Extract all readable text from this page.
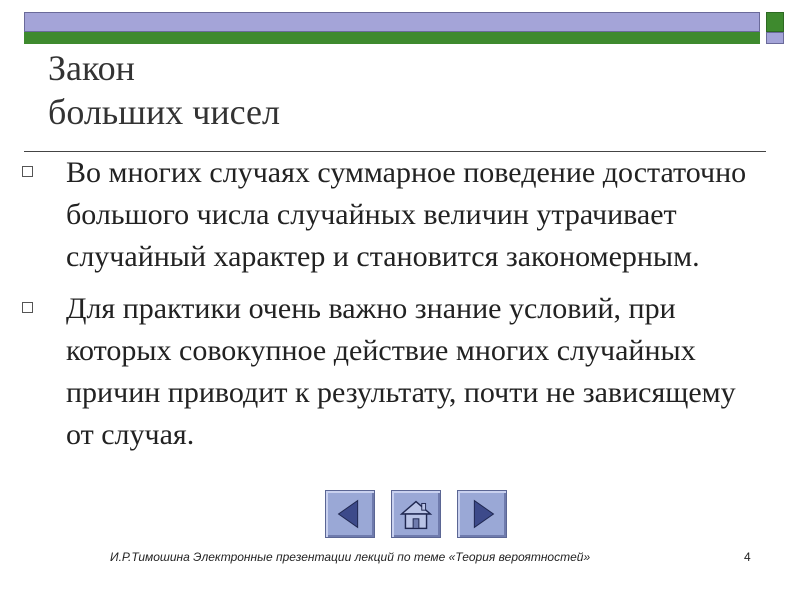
Закон
больших чисел
Во многих случаях суммарное поведение достаточно большого числа случайных величин утрачивает случайный характер и становится закономерным.
Для практики очень важно знание условий, при которых совокупное действие многих случайных причин приводит к результату, почти не зависящему от случая.
И.Р.Тимошина Электронные презентации лекций по теме «Теория вероятностей»	4
